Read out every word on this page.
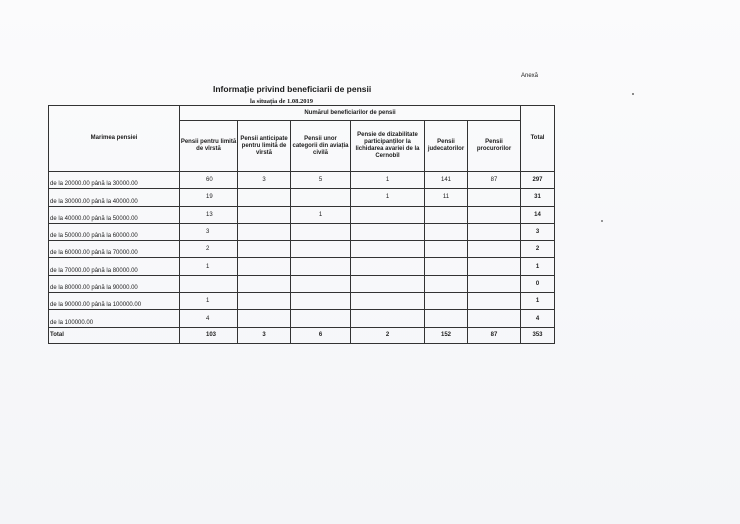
Anexă
Informație privind beneficiarii de pensii
la situația de 1.08.2019
Marimea pensiei	Numărul beneficiarilor de pensii						Total
	Pensii pentru limită de vîrstă	Pensii anticipate pentru limită de vîrstă	Pensii unor categorii din aviația civilă	Pensie de dizabilitate participanților la lichidarea avariei de la Cernobîl	Pensii judecatorilor	Pensii procurorilor	
de la 20000.00 până la 30000.00	60	3	5	1	141	87	297
de la 30000.00 până la 40000.00	19			1	11		31
de la 40000.00 până la 50000.00	13		1				14
de la 50000.00 până la 60000.00	3						3
de la 60000.00 până la 70000.00	2						2
de la 70000.00 până la 80000.00	1						1
de la 80000.00 până la 90000.00							0
de la 90000.00 până la 100000.00	1						1
de la 100000.00	4						4
Total	103	3	6	2	152	87	353
